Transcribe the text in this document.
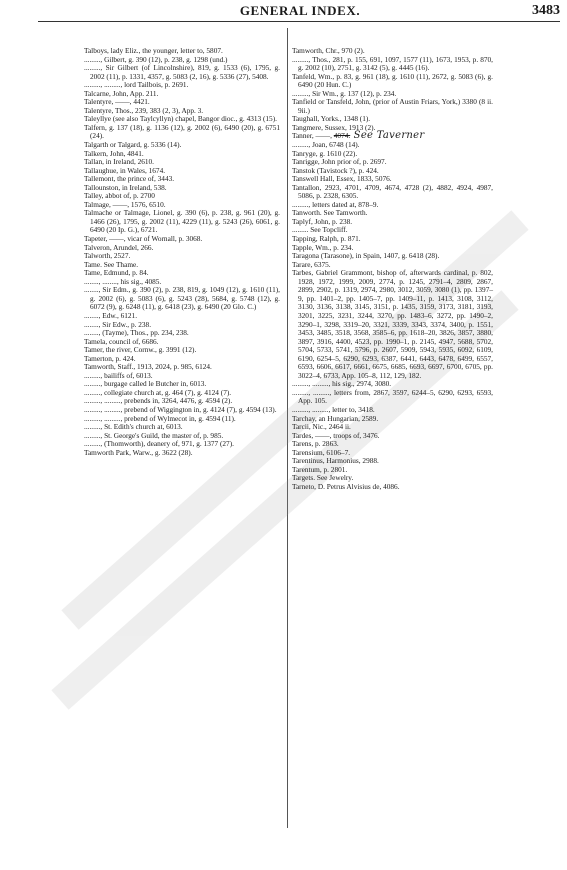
GENERAL INDEX.	3483

Talboys, lady Eliz., the younger, letter to, 5807.

........., Gilbert, g. 390 (12), p. 238, g. 1298 (und.)

........., Sir Gilbert (of Lincolnshire), 819, g. 1533 (6), 1795, g. 2002 (11), p. 1331, 4357, g. 5083 (2, 16), g. 5336 (27), 5408.

........., ........., lord Tailbois, p. 2691.

Talcarne, John, App. 211.

Talentyre, ——, 4421.

Talentyre, Thos., 239, 383 (2, 3), App. 3.

Taleyllye (see also Taylcyllyn) chapel, Bangor dioc., g. 4313 (15).

Talfern, g. 137 (18), g. 1136 (12), g. 2002 (6), 6490 (20), g. 6751 (24).

Talgarth or Talgard, g. 5336 (14).

Talkern, John, 4841.

Tallan, in Ireland, 2610.

Tallaughue, in Wales, 1674.

Tallemont, the prince of, 3443.

Tallounston, in Ireland, 538.

Talley, abbot of, p. 2700

Talmage, ——, 1576, 6510.

Talmache or Talmage, Lionel, g. 390 (6), p. 238, g. 961 (20), g. 1466 (26), 1795, g. 2002 (11), 4229 (11), g. 5243 (26), 6061, g. 6490 (20 Ip. G.), 6721.

Tapeter, ——, vicar of Wornall, p. 3068.

Talveron, Arundel, 266.

Talworth, 2527.

Tame. See Thame.

Tame, Edmund, p. 84.

........, ........, his sig., 4085.

........, Sir Edm., g. 390 (2), p. 238, 819, g. 1049 (12), g. 1610 (11), g. 2002 (6), g. 5083 (6), g. 5243 (28), 5684, g. 5748 (12), g. 6072 (9), g. 6248 (11), g. 6418 (23), g. 6490 (20 Glo. C.)

........, Edw., 6121.

........, Sir Edw., p. 238.

........, (Tayme), Thos., pp. 234, 238.

Tamela, council of, 6686.

Tamer, the river, Cornw., g. 3991 (12).

Tamerton, p. 424.

Tamworth, Staff., 1913, 2024, p. 985, 6124.

........., bailiffs of, 6013.

........., burgage called le Butcher in, 6013.

........., collegiate church at, g. 464 (7), g. 4124 (7).

........., ........., prebends in, 3264, 4476, g. 4594 (2).

........., ........., prebend of Wiggington in, g. 4124 (7), g. 4594 (13).

........., ........., prebend of Wylmecot in, g. 4594 (11).

........., St. Edith's church at, 6013.

........., St. George's Guild, the master of, p. 985.

........., (Thomworth), deanery of, 971, g. 1377 (27).

Tamworth Park, Warw., g. 3622 (28).

Tamworth, Chr., 970 (2).

........., Thos., 281, p. 155, 691, 1097, 1577 (11), 1673, 1953, p. 870, g. 2002 (10), 2751, g. 3142 (5), g. 4445 (16).

Tanfeld, Wm., p. 83, g. 961 (18), g. 1610 (11), 2672, g. 5083 (6), g. 6490 (20 Hun. C.)

........., Sir Wm., g. 137 (12), p. 234.

Tanfield or Tansfeld, John, (prior of Austin Friars, York,) 3380 (8 ii. 9ii.)

Taughall, Yorks., 1348 (1).

Tangmere, Sussex, 1913 (2).

Tanner, ——, 4074. See Taverner

........., Joan, 6748 (14).

Tanryge, g. 1610 (22).

Tanrigge, John prior of, p. 2697.

Tanstok (Tavistock ?), p. 424.

Tanswell Hall, Essex, 1833, 5076.

Tantallon, 2923, 4701, 4709, 4674, 4728 (2), 4882, 4924, 4987, 5086, p. 2328, 6305.

........., letters dated at, 878–9.

Tanworth. See Tamworth.

Taplyf, John, p. 238.

......... See Topcliff.

Tapping, Ralph, p. 871.

Tapple, Wm., p. 234.

Taragona (Tarasone), in Spain, 1407, g. 6418 (28).

Tarare, 6375.

Tarbes, Gabriel Grammont, bishop of, afterwards cardinal, p. 802, 1928, 1972, 1999, 2009, 2774, p. 1245, 2791–4, 2809, 2867, 2899, 2902, p. 1319, 2974, 2980, 3012, 3059, 3080 (1), pp. 1397–9, pp. 1401–2, pp. 1405–7, pp. 1409–11, p. 1413, 3108, 3112, 3130, 3136, 3138, 3145, 3151, p. 1435, 3159, 3173, 3181, 3193, 3201, 3225, 3231, 3244, 3270, pp. 1483–6, 3272, pp. 1490–2, 3290–1, 3298, 3319–20, 3321, 3339, 3343, 3374, 3400, p. 1551, 3453, 3485, 3518, 3568, 3585–6, pp. 1618–20, 3826, 3857, 3880, 3897, 3916, 4400, 4523, pp. 1990–1, p. 2145, 4947, 5688, 5702, 5704, 5733, 5741, 5796, p. 2607, 5909, 5943, 5935, 6092, 6109, 6190, 6254–5, 6290, 6293, 6387, 6441, 6443, 6478, 6499, 6557, 6593, 6606, 6617, 6661, 6675, 6685, 6693, 6697, 6700, 6705, pp. 3022–4, 6733, App. 105–8, 112, 129, 182.

........., ........., his sig., 2974, 3080.

........., ........., letters from, 2867, 3597, 6244–5, 6290, 6293, 6593, App. 105.

........., ........., letter to, 3418.

Tarchay, an Hungarian, 2589.

Tarcii, Nic., 2464 ii.

Tardes, ——, troops of, 3476.

Tarens, p. 2863.

Tarensium, 6106–7.

Tarentinus, Harmonius, 2988.

Tarentum, p. 2801.

Targets. See Jewelry.

Tarneto, D. Petrus Alvisius de, 4086.
